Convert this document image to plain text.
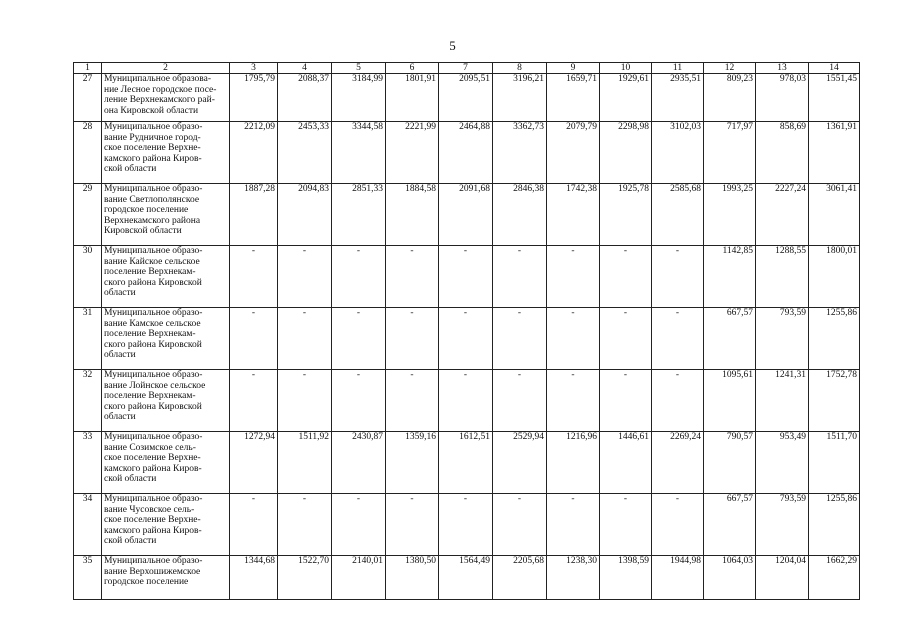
5
1	2	3	4	5	6	7	8	9	10	11	12	13	14
27	Муниципальное образова-
ние Лесное городское посе-
ление Верхнекамского рай-
она Кировской области	1795,79	2088,37	3184,99	1801,91	2095,51	3196,21	1659,71	1929,61	2935,51	809,23	978,03	1551,45
28	Муниципальное образо-
вание Рудничное город-
ское поселение Верхне-
камского района Киров-
ской области	2212,09	2453,33	3344,58	2221,99	2464,88	3362,73	2079,79	2298,98	3102,03	717,97	858,69	1361,91
29	Муниципальное образо-
вание Светлополянское
городское поселение
Верхнекамского района
Кировской области	1887,28	2094,83	2851,33	1884,58	2091,68	2846,38	1742,38	1925,78	2585,68	1993,25	2227,24	3061,41
30	Муниципальное образо-
вание Кайское сельское
поселение Верхнекам-
ского района Кировской
области	-	-	-	-	-	-	-	-	-	1142,85	1288,55	1800,01
31	Муниципальное образо-
вание Камское сельское
поселение Верхнекам-
ского района Кировской
области	-	-	-	-	-	-	-	-	-	667,57	793,59	1255,86
32	Муниципальное образо-
вание Лойнское сельское
поселение Верхнекам-
ского района Кировской
области	-	-	-	-	-	-	-	-	-	1095,61	1241,31	1752,78
33	Муниципальное образо-
вание Созимское сель-
ское поселение Верхне-
камского района Киров-
ской области	1272,94	1511,92	2430,87	1359,16	1612,51	2529,94	1216,96	1446,61	2269,24	790,57	953,49	1511,70
34	Муниципальное образо-
вание Чусовское сель-
ское поселение Верхне-
камского района Киров-
ской области	-	-	-	-	-	-	-	-	-	667,57	793,59	1255,86
35	Муниципальное образо-
вание Верхошижемское
городское поселение	1344,68	1522,70	2140,01	1380,50	1564,49	2205,68	1238,30	1398,59	1944,98	1064,03	1204,04	1662,29
